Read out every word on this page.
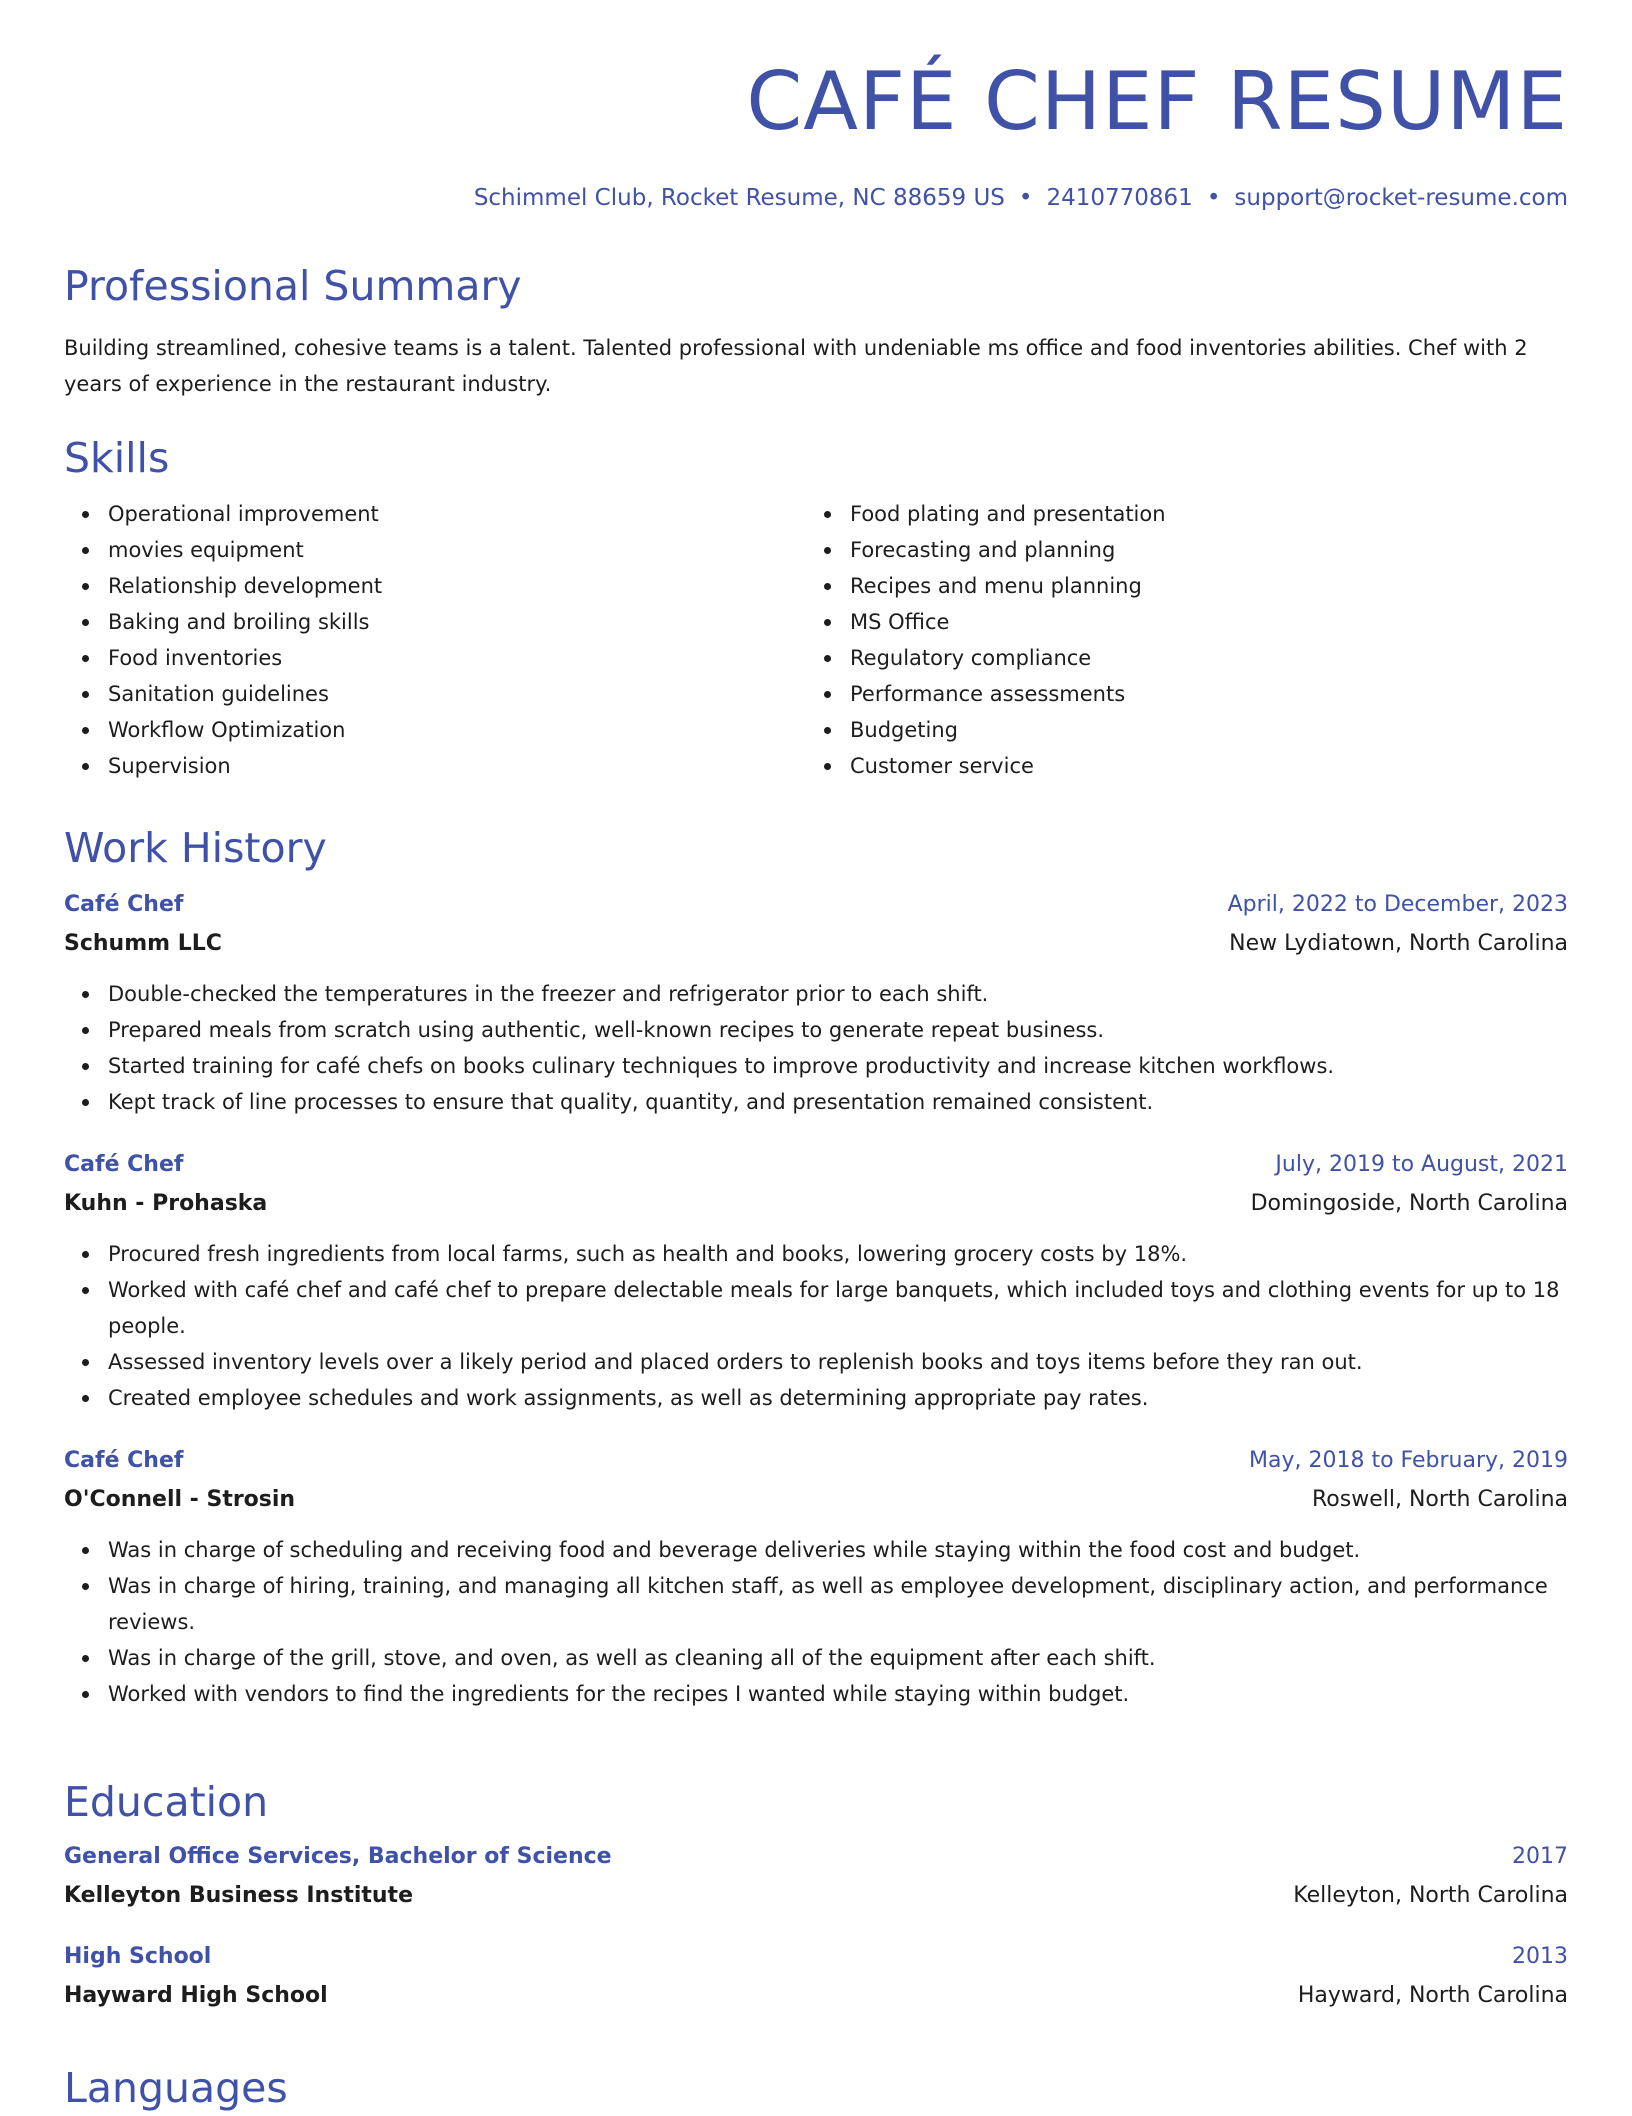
CAFÉ CHEF RESUME
Schimmel Club, Rocket Resume, NC 88659 US • 2410770861 • support@rocket-resume.com
Professional Summary

Building streamlined, cohesive teams is a talent. Talented professional with undeniable ms office and food inventories abilities. Chef with 2 years of experience in the restaurant industry.

Skills
Operational improvement
movies equipment
Relationship development
Baking and broiling skills
Food inventories
Sanitation guidelines
Workflow Optimization
Supervision
Food plating and presentation
Forecasting and planning
Recipes and menu planning
MS Office
Regulatory compliance
Performance assessments
Budgeting
Customer service
Work History
Café Chef	April, 2022 to December, 2023
Schumm LLC	New Lydiatown, North Carolina
Double-checked the temperatures in the freezer and refrigerator prior to each shift.
Prepared meals from scratch using authentic, well-known recipes to generate repeat business.
Started training for café chefs on books culinary techniques to improve productivity and increase kitchen workflows.
Kept track of line processes to ensure that quality, quantity, and presentation remained consistent.
Café Chef	July, 2019 to August, 2021
Kuhn - Prohaska	Domingoside, North Carolina
Procured fresh ingredients from local farms, such as health and books, lowering grocery costs by 18%.
Worked with café chef and café chef to prepare delectable meals for large banquets, which included toys and clothing events for up to 18 people.
Assessed inventory levels over a likely period and placed orders to replenish books and toys items before they ran out.
Created employee schedules and work assignments, as well as determining appropriate pay rates.
Café Chef	May, 2018 to February, 2019
O'Connell - Strosin	Roswell, North Carolina
Was in charge of scheduling and receiving food and beverage deliveries while staying within the food cost and budget.
Was in charge of hiring, training, and managing all kitchen staff, as well as employee development, disciplinary action, and performance reviews.
Was in charge of the grill, stove, and oven, as well as cleaning all of the equipment after each shift.
Worked with vendors to find the ingredients for the recipes I wanted while staying within budget.
Education
General Office Services, Bachelor of Science	2017
Kelleyton Business Institute	Kelleyton, North Carolina
High School	2013
Hayward High School	Hayward, North Carolina
Languages
